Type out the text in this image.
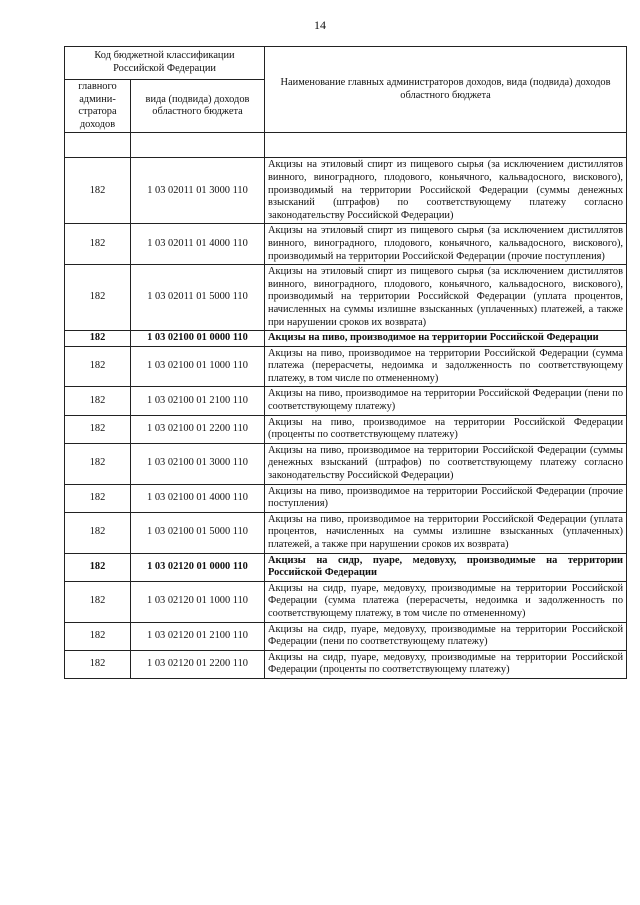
14
Код бюджетной классификации Российской Федерации		Наименование главных администраторов доходов, вида (подвида) доходов областного бюджета
главного админи-стратора доходов	вида (подвида) доходов областного бюджета	

182	1 03 02011 01 3000 110	Акцизы на этиловый спирт из пищевого сырья (за исключением дистиллятов винного, виноградного, плодового, коньячного, кальвадосного, вискового), производимый на территории Российской Федерации (суммы денежных взысканий (штрафов) по соответствующему платежу согласно законодательству Российской Федерации)
182	1 03 02011 01 4000 110	Акцизы на этиловый спирт из пищевого сырья (за исключением дистиллятов винного, виноградного, плодового, коньячного, кальвадосного, вискового), производимый на территории Российской Федерации (прочие поступления)
182	1 03 02011 01 5000 110	Акцизы на этиловый спирт из пищевого сырья (за исключением дистиллятов винного, виноградного, плодового, коньячного, кальвадосного, вискового), производимый на территории Российской Федерации (уплата процентов, начисленных на суммы излишне взысканных (уплаченных) платежей, а также при нарушении сроков их возврата)
182	1 03 02100 01 0000 110	Акцизы на пиво, производимое на территории Российской Федерации
182	1 03 02100 01 1000 110	Акцизы на пиво, производимое на территории Российской Федерации (сумма платежа (перерасчеты, недоимка и задолженность по соответствующему платежу, в том числе по отмененному)
182	1 03 02100 01 2100 110	Акцизы на пиво, производимое на территории Российской Федерации (пени по соответствующему платежу)
182	1 03 02100 01 2200 110	Акцизы на пиво, производимое на территории Российской Федерации (проценты по соответствующему платежу)
182	1 03 02100 01 3000 110	Акцизы на пиво, производимое на территории Российской Федерации (суммы денежных взысканий (штрафов) по соответствующему платежу согласно законодательству Российской Федерации)
182	1 03 02100 01 4000 110	Акцизы на пиво, производимое на территории Российской Федерации (прочие поступления)
182	1 03 02100 01 5000 110	Акцизы на пиво, производимое на территории Российской Федерации (уплата процентов, начисленных на суммы излишне взысканных (уплаченных) платежей, а также при нарушении сроков их возврата)
182	1 03 02120 01 0000 110	Акцизы на сидр, пуаре, медовуху, производимые на территории Российской Федерации
182	1 03 02120 01 1000 110	Акцизы на сидр, пуаре, медовуху, производимые на территории Российской Федерации (сумма платежа (перерасчеты, недоимка и задолженность по соответствующему платежу, в том числе по отмененному)
182	1 03 02120 01 2100 110	Акцизы на сидр, пуаре, медовуху, производимые на территории Российской Федерации (пени по соответствующему платежу)
182	1 03 02120 01 2200 110	Акцизы на сидр, пуаре, медовуху, производимые на территории Российской Федерации (проценты по соответствующему платежу)
